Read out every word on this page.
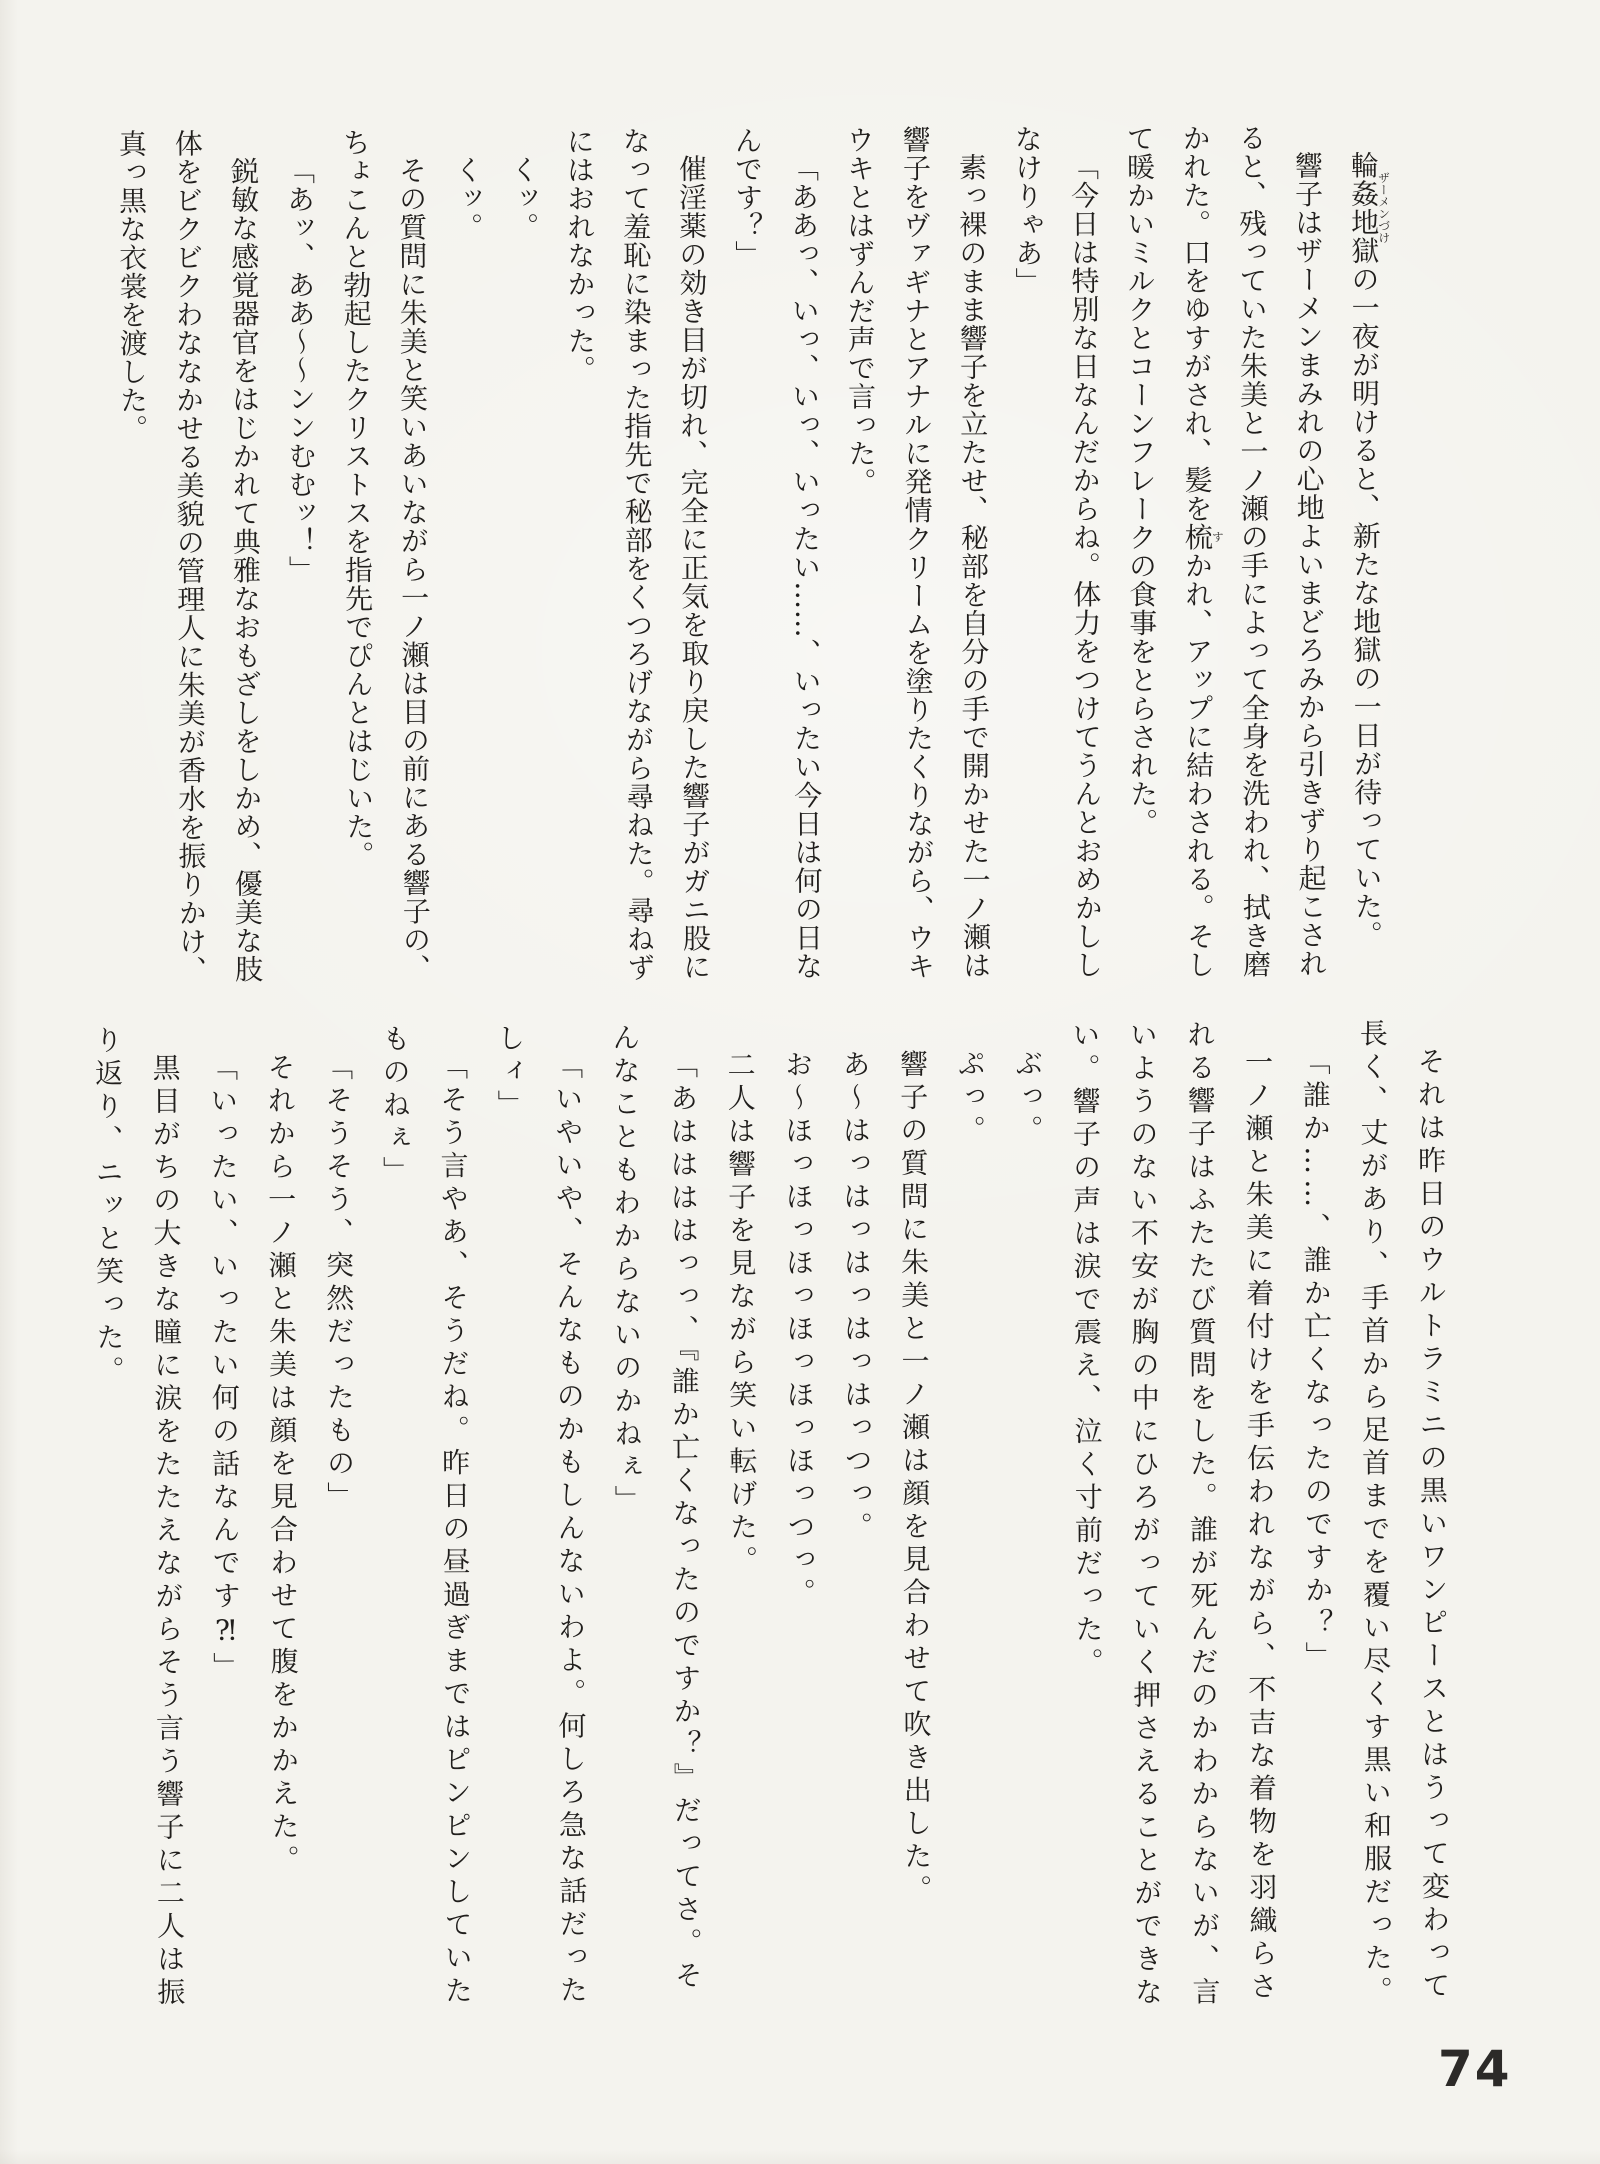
輪姦地獄ザーメンづけの一夜が明けると、新たな地獄の一日が待っていた。

響子はザーメンまみれの心地よいまどろみから引きずり起こされ

ると、残っていた朱美と一ノ瀬の手によって全身を洗われ、拭き磨

かれた。口をゆすがされ、髪を梳すかれ、アップに結わされる。そし

て暖かいミルクとコーンフレークの食事をとらされた。

「今日は特別な日なんだからね。体力をつけてうんとおめかしし

なけりゃあ」

素っ裸のまま響子を立たせ、秘部を自分の手で開かせた一ノ瀬は

響子をヴァギナとアナルに発情クリームを塗りたくりながら、ウキ

ウキとはずんだ声で言った。

「ああっ、いっ、いっ、いったい……、いったい今日は何の日な

んです？」

催淫薬の効き目が切れ、完全に正気を取り戻した響子がガニ股に

なって羞恥に染まった指先で秘部をくつろげながら尋ねた。尋ねず

にはおれなかった。

くッ。

くッ。

その質問に朱美と笑いあいながら一ノ瀬は目の前にある響子の、

ちょこんと勃起したクリストスを指先でぴんとはじいた。

「あッ、ああ〜〜ンンむむッ！」

鋭敏な感覚器官をはじかれて典雅なおもざしをしかめ、優美な肢

体をビクビクわななかせる美貌の管理人に朱美が香水を振りかけ、

真っ黒な衣裳を渡した。

それは昨日のウルトラミニの黒いワンピースとはうって変わって

長く、丈があり、手首から足首までを覆い尽くす黒い和服だった。

「誰か……、誰か亡くなったのですか？」

一ノ瀬と朱美に着付けを手伝われながら、不吉な着物を羽織らさ

れる響子はふたたび質問をした。誰が死んだのかわからないが、言

いようのない不安が胸の中にひろがっていく押さえることができな

い。響子の声は涙で震え、泣く寸前だった。

ぶっ。

ぷっ。

響子の質問に朱美と一ノ瀬は顔を見合わせて吹き出した。

あ〜はっはっはっはっはっつっ。

お〜ほっほっほっほっほっほっつっ。

二人は響子を見ながら笑い転げた。

「あははははっっ、『誰か亡くなったのですか？』だってさ。そ

んなこともわからないのかねぇ」

「いやいや、そんなものかもしんないわよ。何しろ急な話だった

しィ」

「そう言やあ、そうだね。昨日の昼過ぎまではピンピンしていた

ものねぇ」

「そうそう、突然だったもの」

それから一ノ瀬と朱美は顔を見合わせて腹をかかえた。

「いったい、いったい何の話なんです⁈」

黒目がちの大きな瞳に涙をたたえながらそう言う響子に二人は振

り返り、ニッと笑った。

74
